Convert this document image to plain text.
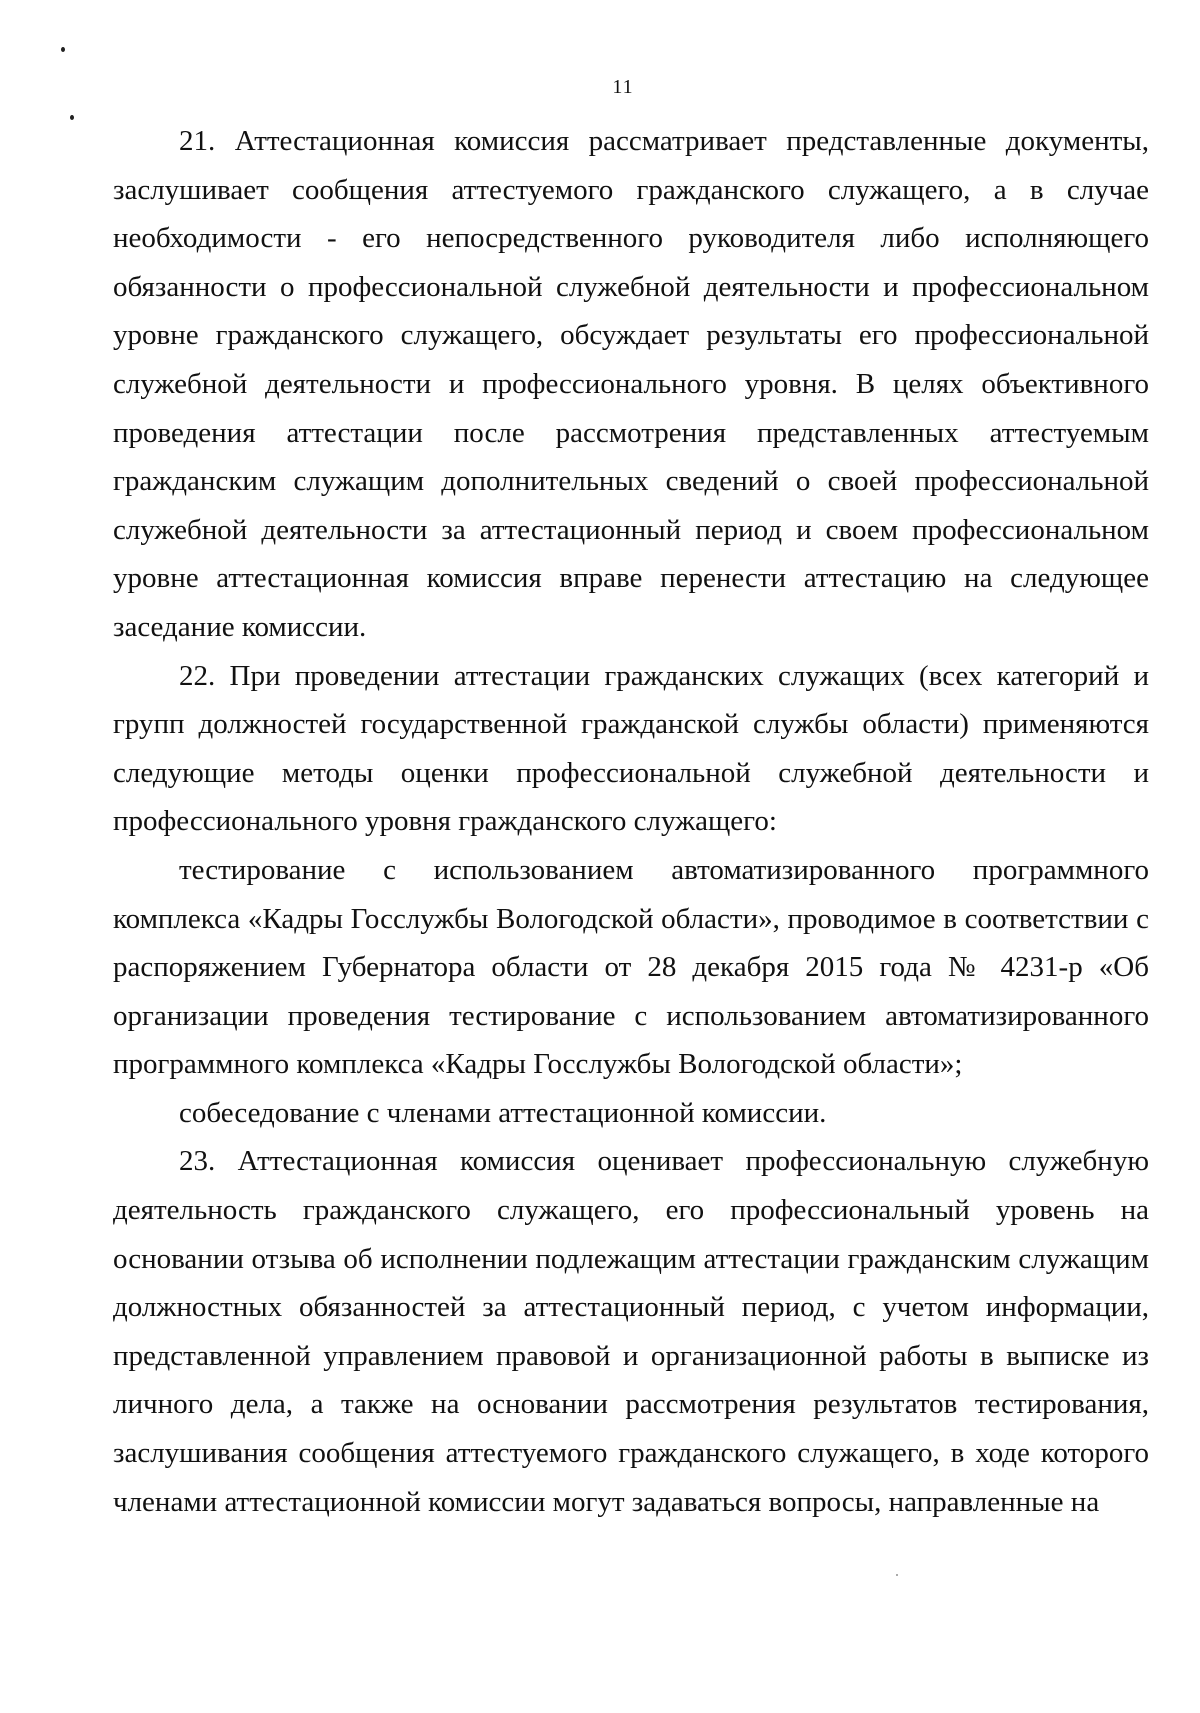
11

21. Аттестационная комиссия рассматривает представленные документы, заслушивает сообщения аттестуемого гражданского служащего, а в случае необходимости - его непосредственного руководителя либо исполняющего обязанности о профессиональной служебной деятельности и профессиональном уровне гражданского служащего, обсуждает результаты его профессиональной служебной деятельности и профессионального уровня. В целях объективного проведения аттестации после рассмотрения представленных аттестуемым гражданским служащим дополнительных сведений о своей профессиональной служебной деятельности за аттестационный период и своем профессиональном уровне аттестационная комиссия вправе перенести аттестацию на следующее заседание комиссии.

22. При проведении аттестации гражданских служащих (всех категорий и групп должностей государственной гражданской службы области) применяются следующие методы оценки профессиональной служебной деятельности и профессионального уровня гражданского служащего:

тестирование с использованием автоматизированного программного комплекса «Кадры Госслужбы Вологодской области», проводимое в соответствии с распоряжением Губернатора области от 28 декабря 2015 года № 4231-р «Об организации проведения тестирование с использованием автоматизированного программного комплекса «Кадры Госслужбы Вологодской области»;

собеседование с членами аттестационной комиссии.

23. Аттестационная комиссия оценивает профессиональную служебную деятельность гражданского служащего, его профессиональный уровень на основании отзыва об исполнении подлежащим аттестации гражданским служащим должностных обязанностей за аттестационный период, с учетом информации, представленной управлением правовой и организационной работы в выписке из личного дела, а также на основании рассмотрения результатов тестирования, заслушивания сообщения аттестуемого гражданского служащего, в ходе которого членами аттестационной комиссии могут задаваться вопросы, направленные на
